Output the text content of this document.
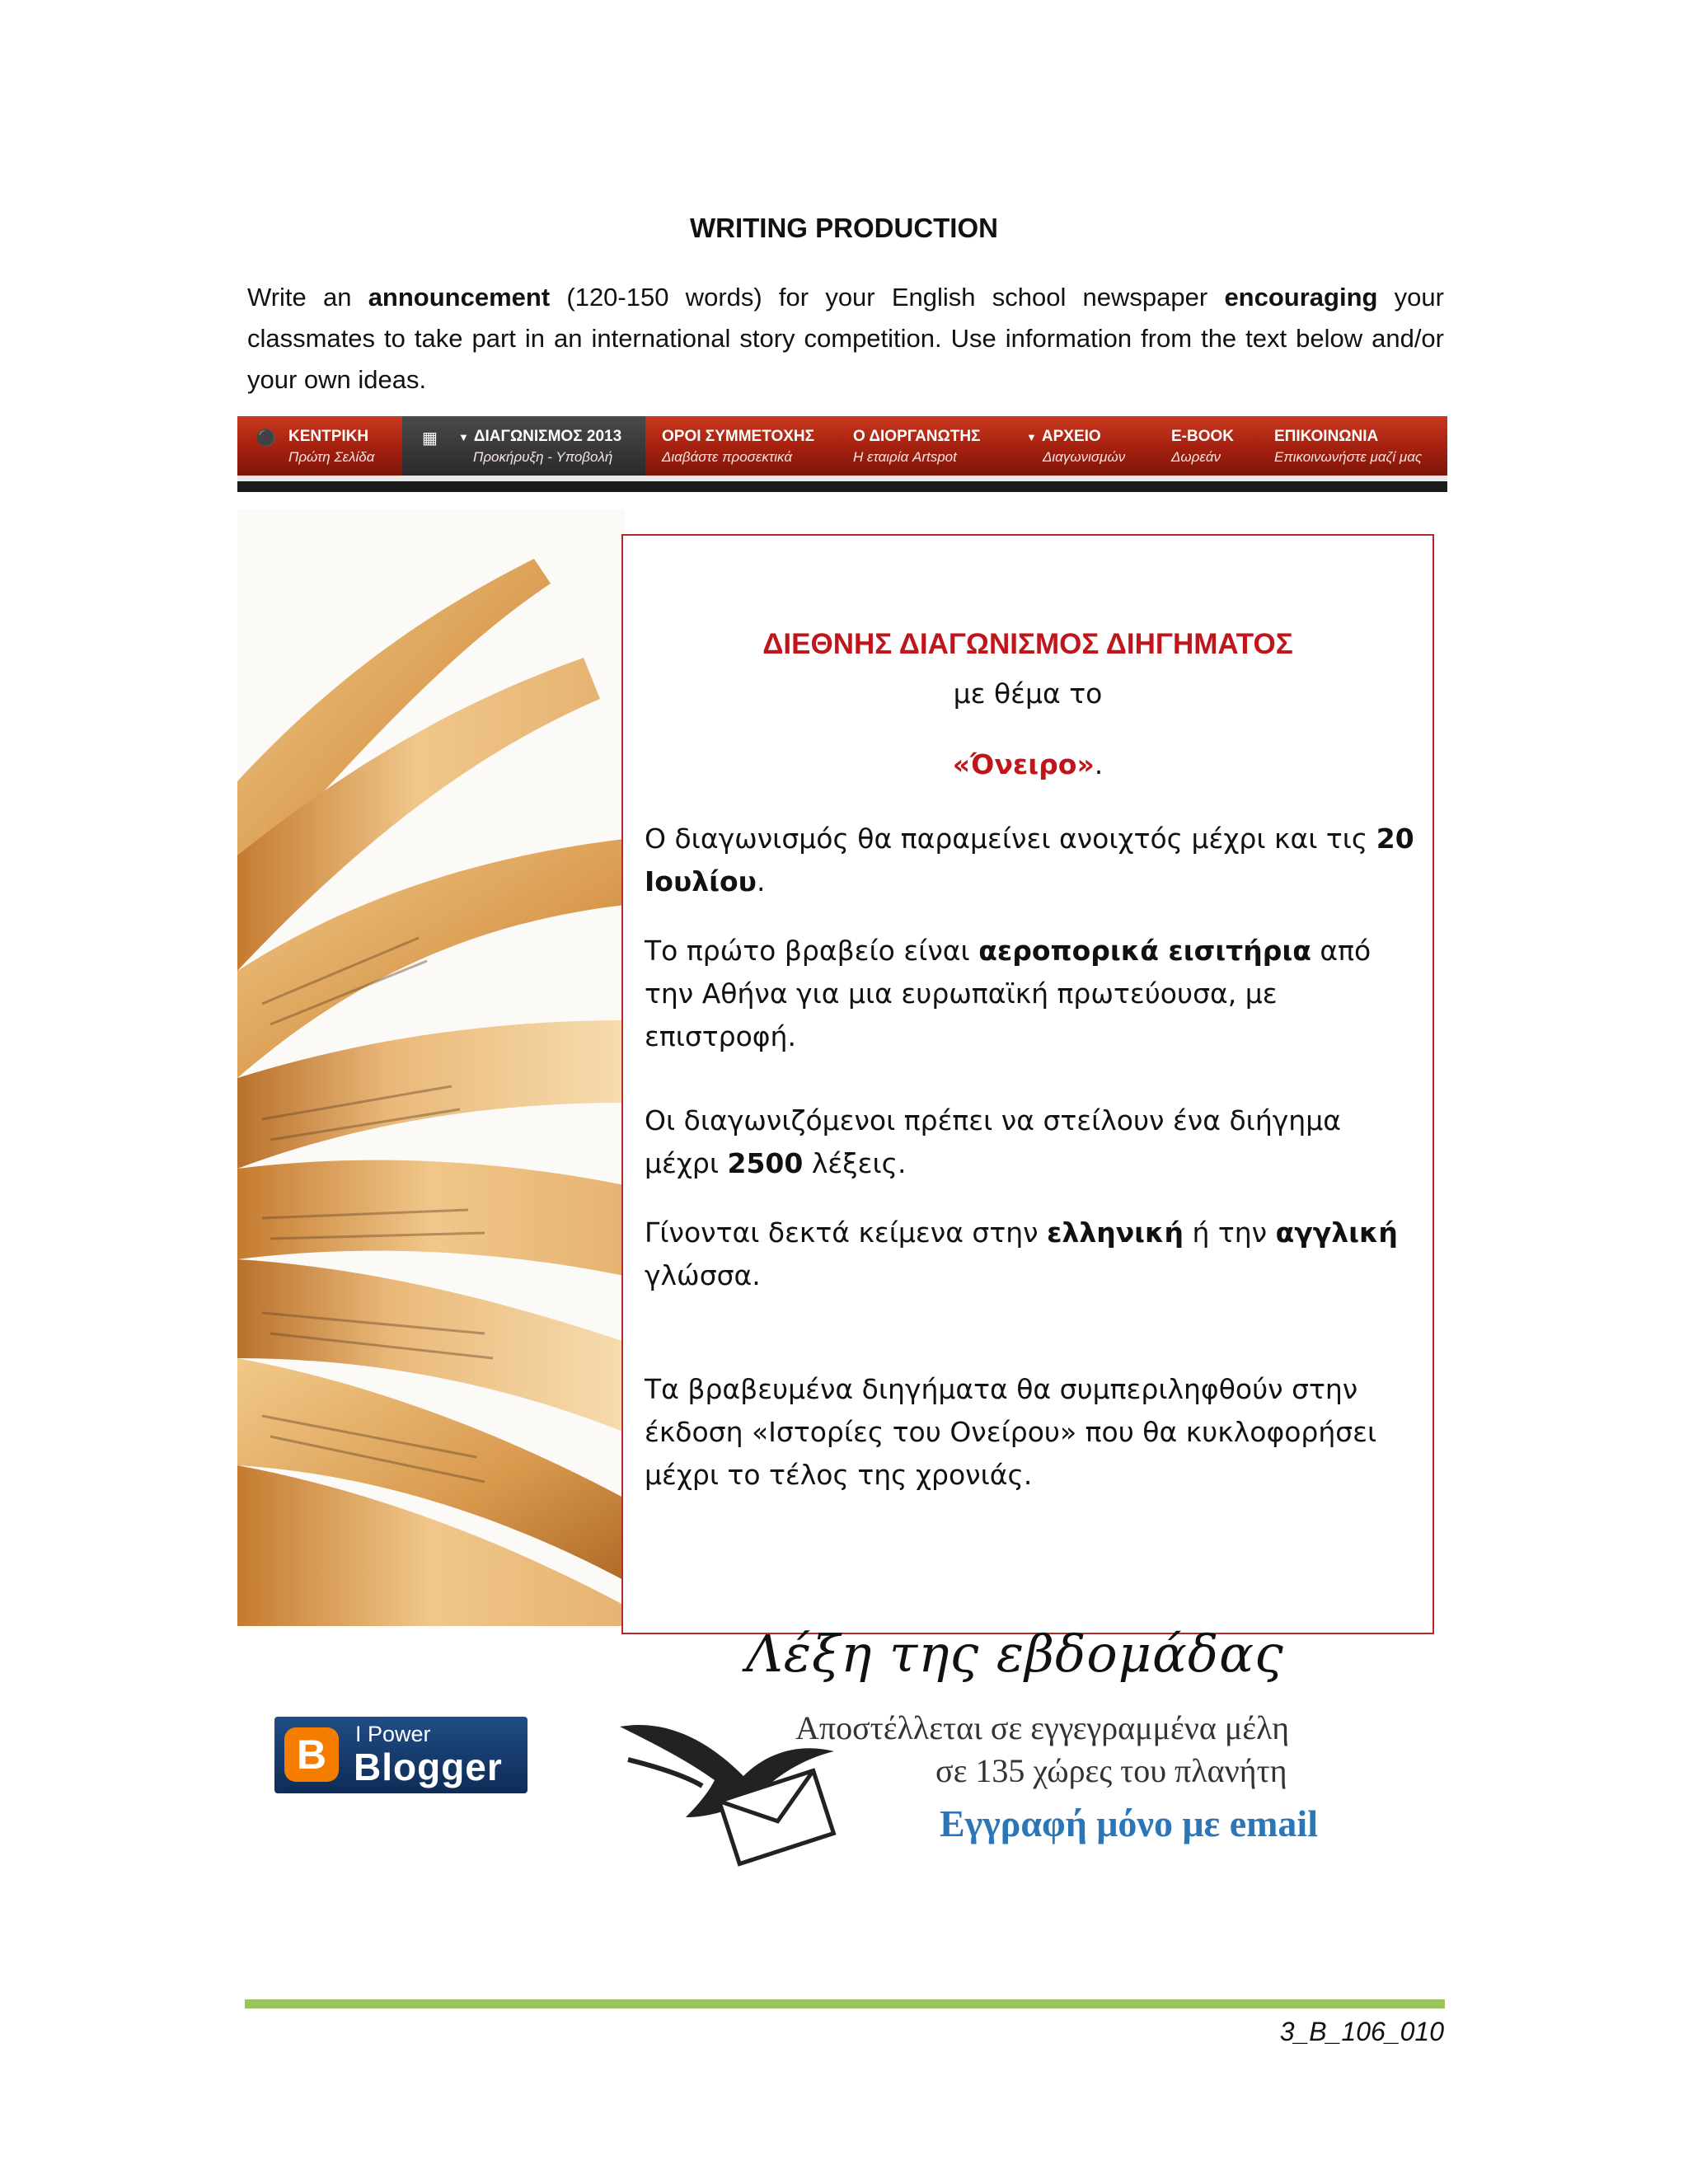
WRITING PRODUCTION
Write an announcement (120-150 words) for your English school newspaper encouraging your classmates to take part in an international story competition. Use information from the text below and/or your own ideas.
⚫ ΚΕΝΤΡΙΚΗ
Πρώτη Σελίδα
▦ ▼ ΔΙΑΓΩΝΙΣΜΟΣ 2013
Προκήρυξη - Υποβολή
ΟΡΟΙ ΣΥΜΜΕΤΟΧΗΣ
Διαβάστε προσεκτικά
Ο ΔΙΟΡΓΑΝΩΤΗΣ
Η εταιρία Artspot
▼ ΑΡΧΕΙΟ
Διαγωνισμών
E-BOOK
Δωρεάν
ΕΠΙΚΟΙΝΩΝΙΑ
Επικοινωνήστε μαζί μας
ΔΙΕΘΝΗΣ ΔΙΑΓΩΝΙΣΜΟΣ ΔΙΗΓΗΜΑΤΟΣ
με θέμα το
«Όνειρο».
Ο διαγωνισμός θα παραμείνει ανοιχτός μέχρι και τις 20 Ιουλίου.
Το πρώτο βραβείο είναι αεροπορικά εισιτήρια από την Αθήνα για μια ευρωπαϊκή πρωτεύουσα, με επιστροφή.
Οι διαγωνιζόμενοι πρέπει να στείλουν ένα διήγημα μέχρι 2500 λέξεις.
Γίνονται δεκτά κείμενα στην ελληνική ή την αγγλική γλώσσα.
Τα βραβευμένα διηγήματα θα συμπεριληφθούν στην έκδοση «Ιστορίες του Ονείρου» που θα κυκλοφορήσει μέχρι το τέλος της χρονιάς.
B	I Power
Blogger
Λέξη της εβδομάδας
Αποστέλλεται σε εγγεγραμμένα μέλη
σε 135 χώρες του πλανήτη
Εγγραφή μόνο με email
3_B_106_010
